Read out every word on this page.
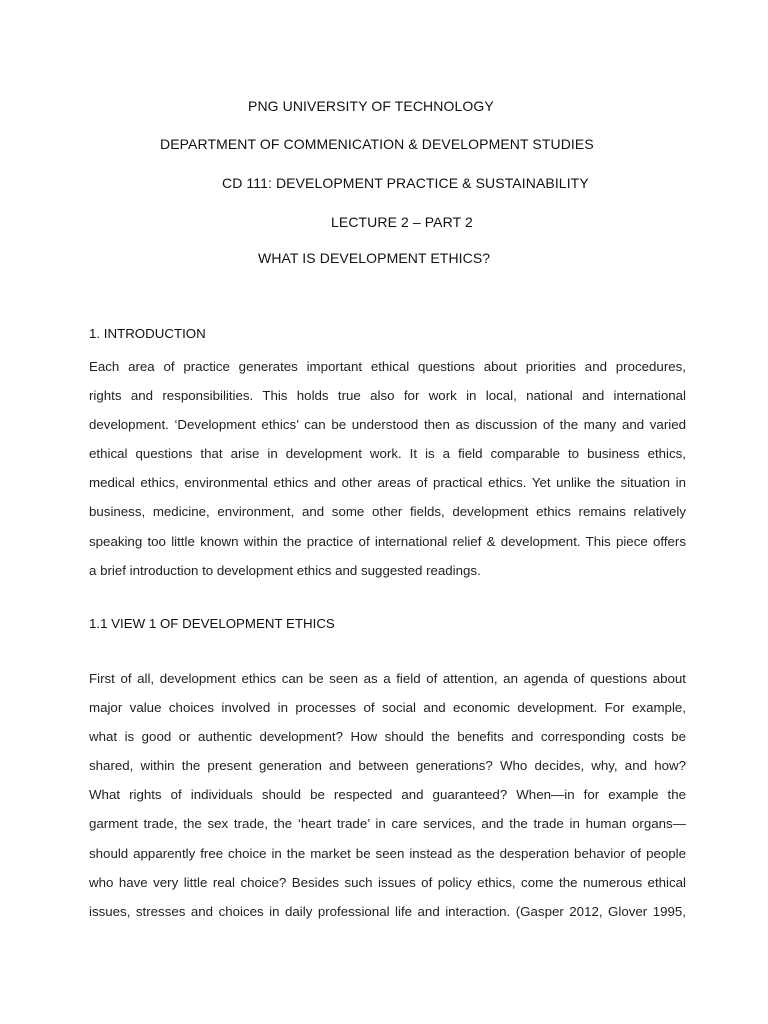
PNG UNIVERSITY OF TECHNOLOGY
DEPARTMENT OF COMMENICATION & DEVELOPMENT STUDIES
CD 111: DEVELOPMENT PRACTICE & SUSTAINABILITY
LECTURE 2 – PART 2
WHAT IS DEVELOPMENT ETHICS?
1. INTRODUCTION
Each area of practice generates important ethical questions about priorities and procedures,
rights and responsibilities. This holds true also for work in local, national and international
development. ‘Development ethics’ can be understood then as discussion of the many and varied
ethical questions that arise in development work. It is a field comparable to business ethics,
medical ethics, environmental ethics and other areas of practical ethics. Yet unlike the situation in
business, medicine, environment, and some other fields, development ethics remains relatively
speaking too little known within the practice of international relief & development. This piece offers
a brief introduction to development ethics and suggested readings.
1.1 VIEW 1 OF DEVELOPMENT ETHICS
First of all, development ethics can be seen as a field of attention, an agenda of questions about
major value choices involved in processes of social and economic development. For example,
what is good or authentic development? How should the benefits and corresponding costs be
shared, within the present generation and between generations? Who decides, why, and how?
What rights of individuals should be respected and guaranteed? When—in for example the
garment trade, the sex trade, the ‘heart trade’ in care services, and the trade in human organs—
should apparently free choice in the market be seen instead as the desperation behavior of people
who have very little real choice? Besides such issues of policy ethics, come the numerous ethical
issues, stresses and choices in daily professional life and interaction. (Gasper 2012, Glover 1995,
